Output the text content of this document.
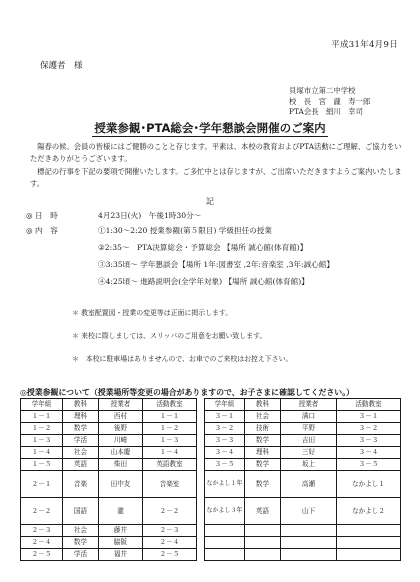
平成31年4月9日
保護者　様
貝塚市立第二中学校
校　長　宮　瀧　寿一郎
PTA会長　絹川　幸司
授業参観･PTA総会･学年懇談会開催のご案内
陽春の候、会員の皆様にはご健勝のことと存じます。平素は、本校の教育およびPTA活動にご理解、ご協力をいただきありがとうございます。
標記の行事を下記の要項で開催いたします。ご多忙中とは存じますが、ご出席いただきますようご案内いたします。
記
◎ 日　時	4月23日(火)　午後1時30分～
◎ 内　容	①1:30～2:20 授業参観(第５限目) 学級担任の授業
②2:35～　PTA決算総会・予算総会 【場所 誠心館(体育館)】
③3:35頃～ 学年懇談会【場所 1年:図書室 ,2年:音楽室 ,3年:誠心館】
④4:25頃～ 進路説明会(全学年対象) 【場所 誠心館(体育館)】
＊ 教室配置図・授業の変更等は正面に掲示します。
＊ 来校に際しましては、スリッパのご用意をお願い致します。
＊　本校に駐車場はありませんので、お車でのご来校はお控え下さい。
◎授業参観について（授業場所等変更の場合がありますので、お子さまに確認してください。）
学年組	教科	授業者	活動教室		学年組	教科	授業者	活動教室
１－１	理科	西村	１－１		３－１	社会	满口	３－１
１－２	数学	後野	１－２		３－２	技術	平野	３－２
１－３	学活	川崎	１－３		３－３	数学	吉田	３－３
１－４	社会	山本慶	１－４		３－４	理科	三好	３－４
１－５	英語	柴田	英語教室		３－５	数学	坂上	３－５
２－１	音楽	田中友	音楽室		なかよし１年	数学	高瀬	なかよし１
２－２	国語	瀧	２－２		なかよし３年	英語	山下	なかよし２
２－３	社会	藤井	２－３					
２－４	数学	脇阪	２－４					
２－５	学活	福井	２－５					
